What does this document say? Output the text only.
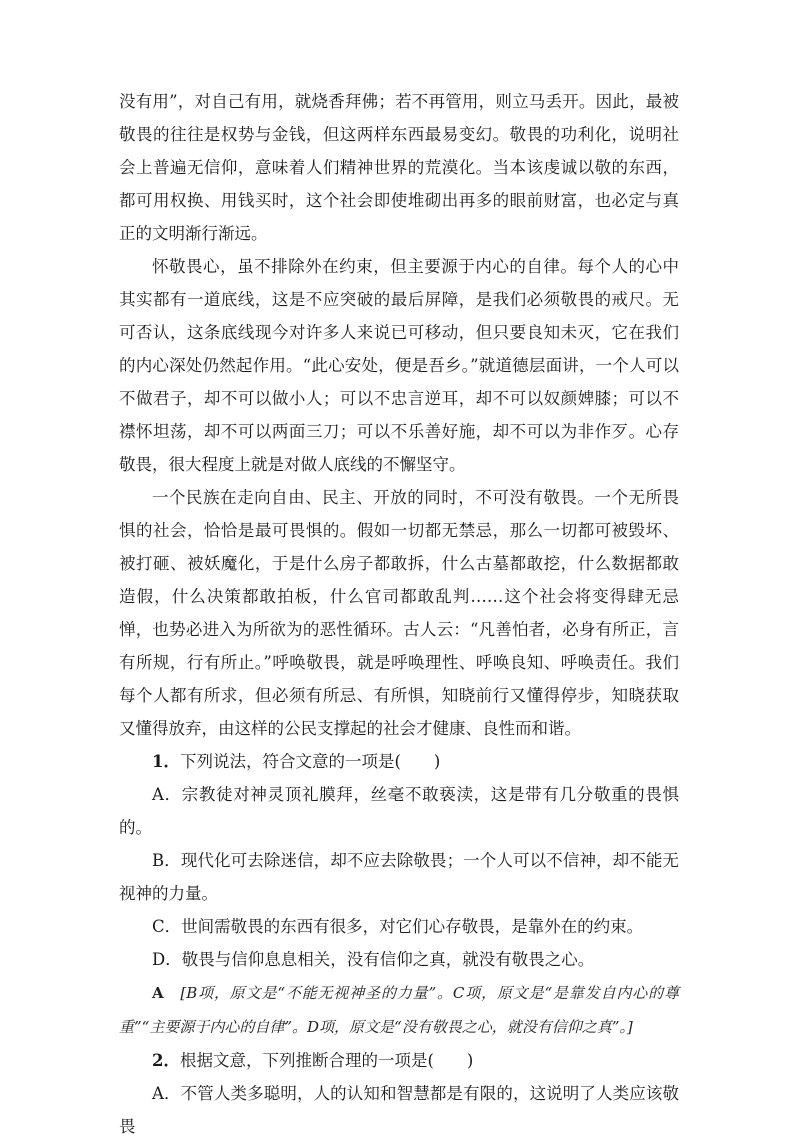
没有用”，对自己有用，就烧香拜佛；若不再管用，则立马丢开。因此，最被敬畏的往往是权势与金钱，但这两样东西最易变幻。敬畏的功利化，说明社会上普遍无信仰，意味着人们精神世界的荒漠化。当本该虔诚以敬的东西，都可用权换、用钱买时，这个社会即使堆砌出再多的眼前财富，也必定与真正的文明渐行渐远。

怀敬畏心，虽不排除外在约束，但主要源于内心的自律。每个人的心中其实都有一道底线，这是不应突破的最后屏障，是我们必须敬畏的戒尺。无可否认，这条底线现今对许多人来说已可移动，但只要良知未灭，它在我们的内心深处仍然起作用。“此心安处，便是吾乡。”就道德层面讲，一个人可以不做君子，却不可以做小人；可以不忠言逆耳，却不可以奴颜婢膝；可以不襟怀坦荡，却不可以两面三刀；可以不乐善好施，却不可以为非作歹。心存敬畏，很大程度上就是对做人底线的不懈坚守。

一个民族在走向自由、民主、开放的同时，不可没有敬畏。一个无所畏惧的社会，恰恰是最可畏惧的。假如一切都无禁忌，那么一切都可被毁坏、被打砸、被妖魔化，于是什么房子都敢拆，什么古墓都敢挖，什么数据都敢造假，什么决策都敢拍板，什么官司都敢乱判……这个社会将变得肆无忌惮，也势必进入为所欲为的恶性循环。古人云：“凡善怕者，必身有所正，言有所规，行有所止。”呼唤敬畏，就是呼唤理性、呼唤良知、呼唤责任。我们每个人都有所求，但必须有所忌、有所惧，知晓前行又懂得停步，知晓获取又懂得放弃，由这样的公民支撑起的社会才健康、良性而和谐。

1．下列说法，符合文意的一项是(　　)

A．宗教徒对神灵顶礼膜拜，丝毫不敢亵渎，这是带有几分敬重的畏惧的。

B．现代化可去除迷信，却不应去除敬畏；一个人可以不信神，却不能无视神的力量。

C．世间需敬畏的东西有很多，对它们心存敬畏，是靠外在的约束。

D．敬畏与信仰息息相关，没有信仰之真，就没有敬畏之心。

A　 [B项，原文是“不能无视神圣的力量”。C项，原文是“是靠发自内心的尊重”“主要源于内心的自律”。D项，原文是“没有敬畏之心，就没有信仰之真”。]

2．根据文意，下列推断合理的一项是(　　)

A．不管人类多聪明，人的认知和智慧都是有限的，这说明了人类应该敬畏
